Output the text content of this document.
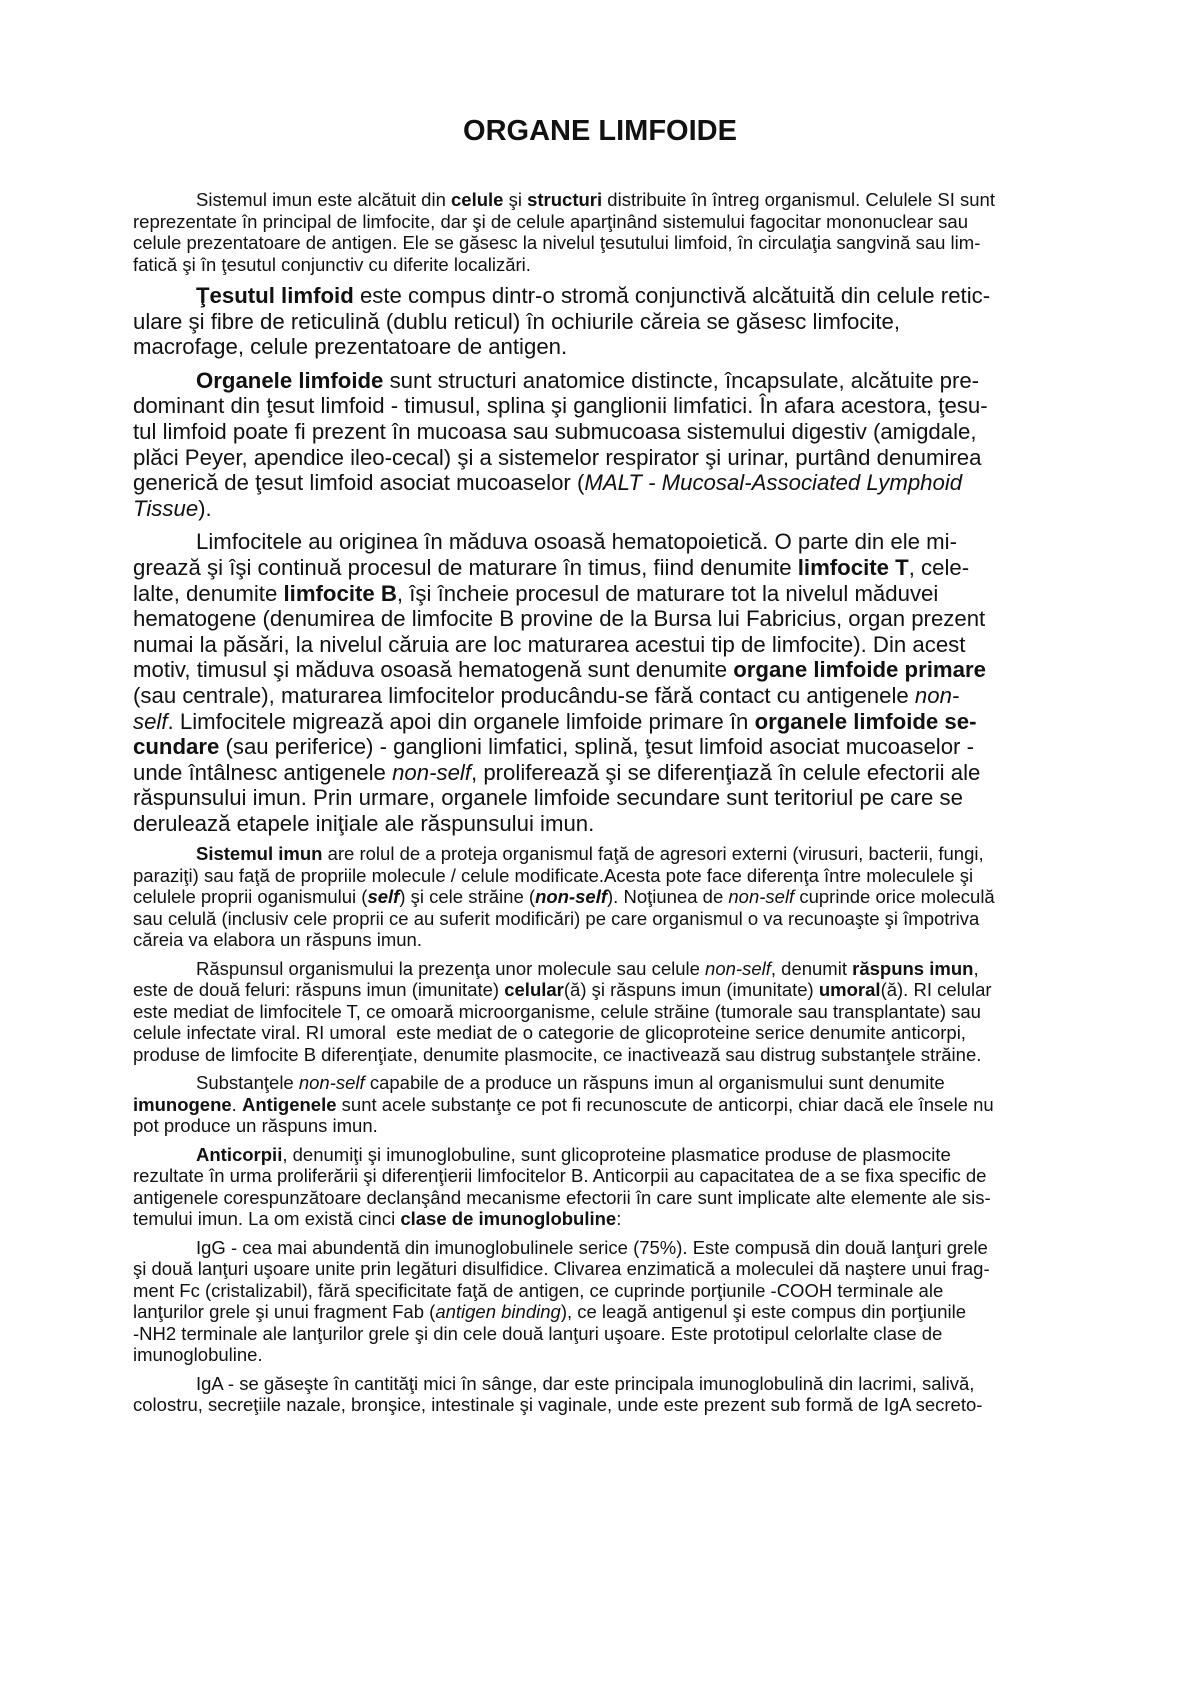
ORGANE LIMFOIDE
Sistemul imun este alcătuit din celule şi structuri distribuite în întreg organismul. Celulele SI sunt
reprezentate în principal de limfocite, dar şi de celule aparţinând sistemului fagocitar mononuclear sau
celule prezentatoare de antigen. Ele se găsesc la nivelul ţesutului limfoid, în circulaţia sangvină sau lim-
fatică şi în ţesutul conjunctiv cu diferite localizări.
Ţesutul limfoid este compus dintr-o stromă conjunctivă alcătuită din celule retic-
ulare şi fibre de reticulină (dublu reticul) în ochiurile căreia se găsesc limfocite,
macrofage, celule prezentatoare de antigen.
Organele limfoide sunt structuri anatomice distincte, încapsulate, alcătuite pre-
dominant din ţesut limfoid - timusul, splina şi ganglionii limfatici. În afara acestora, ţesu-
tul limfoid poate fi prezent în mucoasa sau submucoasa sistemului digestiv (amigdale,
plăci Peyer, apendice ileo-cecal) şi a sistemelor respirator şi urinar, purtând denumirea
generică de ţesut limfoid asociat mucoaselor (MALT - Mucosal-Associated Lymphoid
Tissue).
Limfocitele au originea în măduva osoasă hematopoietică. O parte din ele mi-
grează şi îşi continuă procesul de maturare în timus, fiind denumite limfocite T, cele-
lalte, denumite limfocite B, îşi încheie procesul de maturare tot la nivelul măduvei
hematogene (denumirea de limfocite B provine de la Bursa lui Fabricius, organ prezent
numai la păsări, la nivelul căruia are loc maturarea acestui tip de limfocite). Din acest
motiv, timusul şi măduva osoasă hematogenă sunt denumite organe limfoide primare
(sau centrale), maturarea limfocitelor producându-se fără contact cu antigenele non-
self. Limfocitele migrează apoi din organele limfoide primare în organele limfoide se-
cundare (sau periferice) - ganglioni limfatici, splină, ţesut limfoid asociat mucoaselor -
unde întâlnesc antigenele non-self, proliferează şi se diferenţiază în celule efectorii ale
răspunsului imun. Prin urmare, organele limfoide secundare sunt teritoriul pe care se
derulează etapele iniţiale ale răspunsului imun.
Sistemul imun are rolul de a proteja organismul faţă de agresori externi (virusuri, bacterii, fungi,
paraziţi) sau faţă de propriile molecule / celule modificate.Acesta pote face diferenţa între moleculele şi
celulele proprii oganismului (self) şi cele străine (non-self). Noţiunea de non-self cuprinde orice moleculă
sau celulă (inclusiv cele proprii ce au suferit modificări) pe care organismul o va recunoaşte şi împotriva
căreia va elabora un răspuns imun.
Răspunsul organismului la prezenţa unor molecule sau celule non-self, denumit răspuns imun,
este de două feluri: răspuns imun (imunitate) celular(ă) şi răspuns imun (imunitate) umoral(ă). RI celular
este mediat de limfocitele T, ce omoară microorganisme, celule străine (tumorale sau transplantate) sau
celule infectate viral. RI umoral  este mediat de o categorie de glicoproteine serice denumite anticorpi,
produse de limfocite B diferenţiate, denumite plasmocite, ce inactivează sau distrug substanţele străine.
Substanţele non-self capabile de a produce un răspuns imun al organismului sunt denumite
imunogene. Antigenele sunt acele substanţe ce pot fi recunoscute de anticorpi, chiar dacă ele însele nu
pot produce un răspuns imun.
Anticorpii, denumiţi şi imunoglobuline, sunt glicoproteine plasmatice produse de plasmocite
rezultate în urma proliferării şi diferenţierii limfocitelor B. Anticorpii au capacitatea de a se fixa specific de
antigenele corespunzătoare declanşând mecanisme efectorii în care sunt implicate alte elemente ale sis-
temului imun. La om există cinci clase de imunoglobuline:
IgG - cea mai abundentă din imunoglobulinele serice (75%). Este compusă din două lanţuri grele
şi două lanţuri uşoare unite prin legături disulfidice. Clivarea enzimatică a moleculei dă naştere unui frag-
ment Fc (cristalizabil), fără specificitate faţă de antigen, ce cuprinde porţiunile -COOH terminale ale
lanţurilor grele şi unui fragment Fab (antigen binding), ce leagă antigenul şi este compus din porţiunile
-NH2 terminale ale lanţurilor grele şi din cele două lanţuri uşoare. Este prototipul celorlalte clase de
imunoglobuline.
IgA - se găseşte în cantităţi mici în sânge, dar este principala imunoglobulină din lacrimi, salivă,
colostru, secreţiile nazale, bronşice, intestinale şi vaginale, unde este prezent sub formă de IgA secreto-
